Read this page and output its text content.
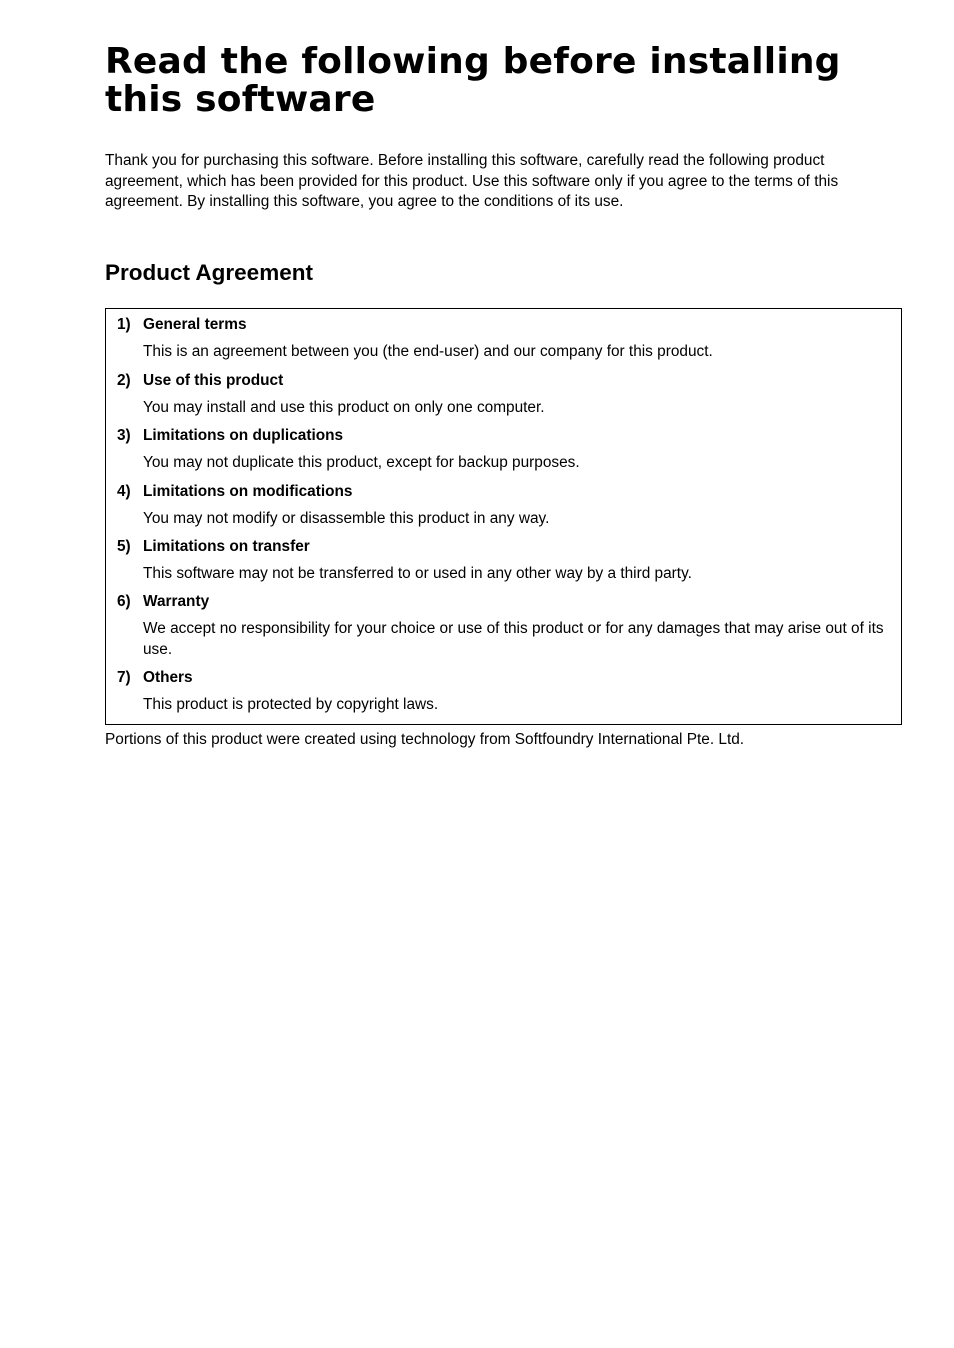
Read the following before installing this software

Thank you for purchasing this software. Before installing this software, carefully read the following product agreement, which has been provided for this product. Use this software only if you agree to the terms of this agreement. By installing this software, you agree to the conditions of its use.

Product Agreement
1) General terms
This is an agreement between you (the end-user) and our company for this product.
2) Use of this product
You may install and use this product on only one computer.
3) Limitations on duplications
You may not duplicate this product, except for backup purposes.
4) Limitations on modifications
You may not modify or disassemble this product in any way.
5) Limitations on transfer
This software may not be transferred to or used in any other way by a third party.
6) Warranty
We accept no responsibility for your choice or use of this product or for any damages that may arise out of its use.
7) Others
This product is protected by copyright laws.

Portions of this product were created using technology from Softfoundry International Pte. Ltd.
